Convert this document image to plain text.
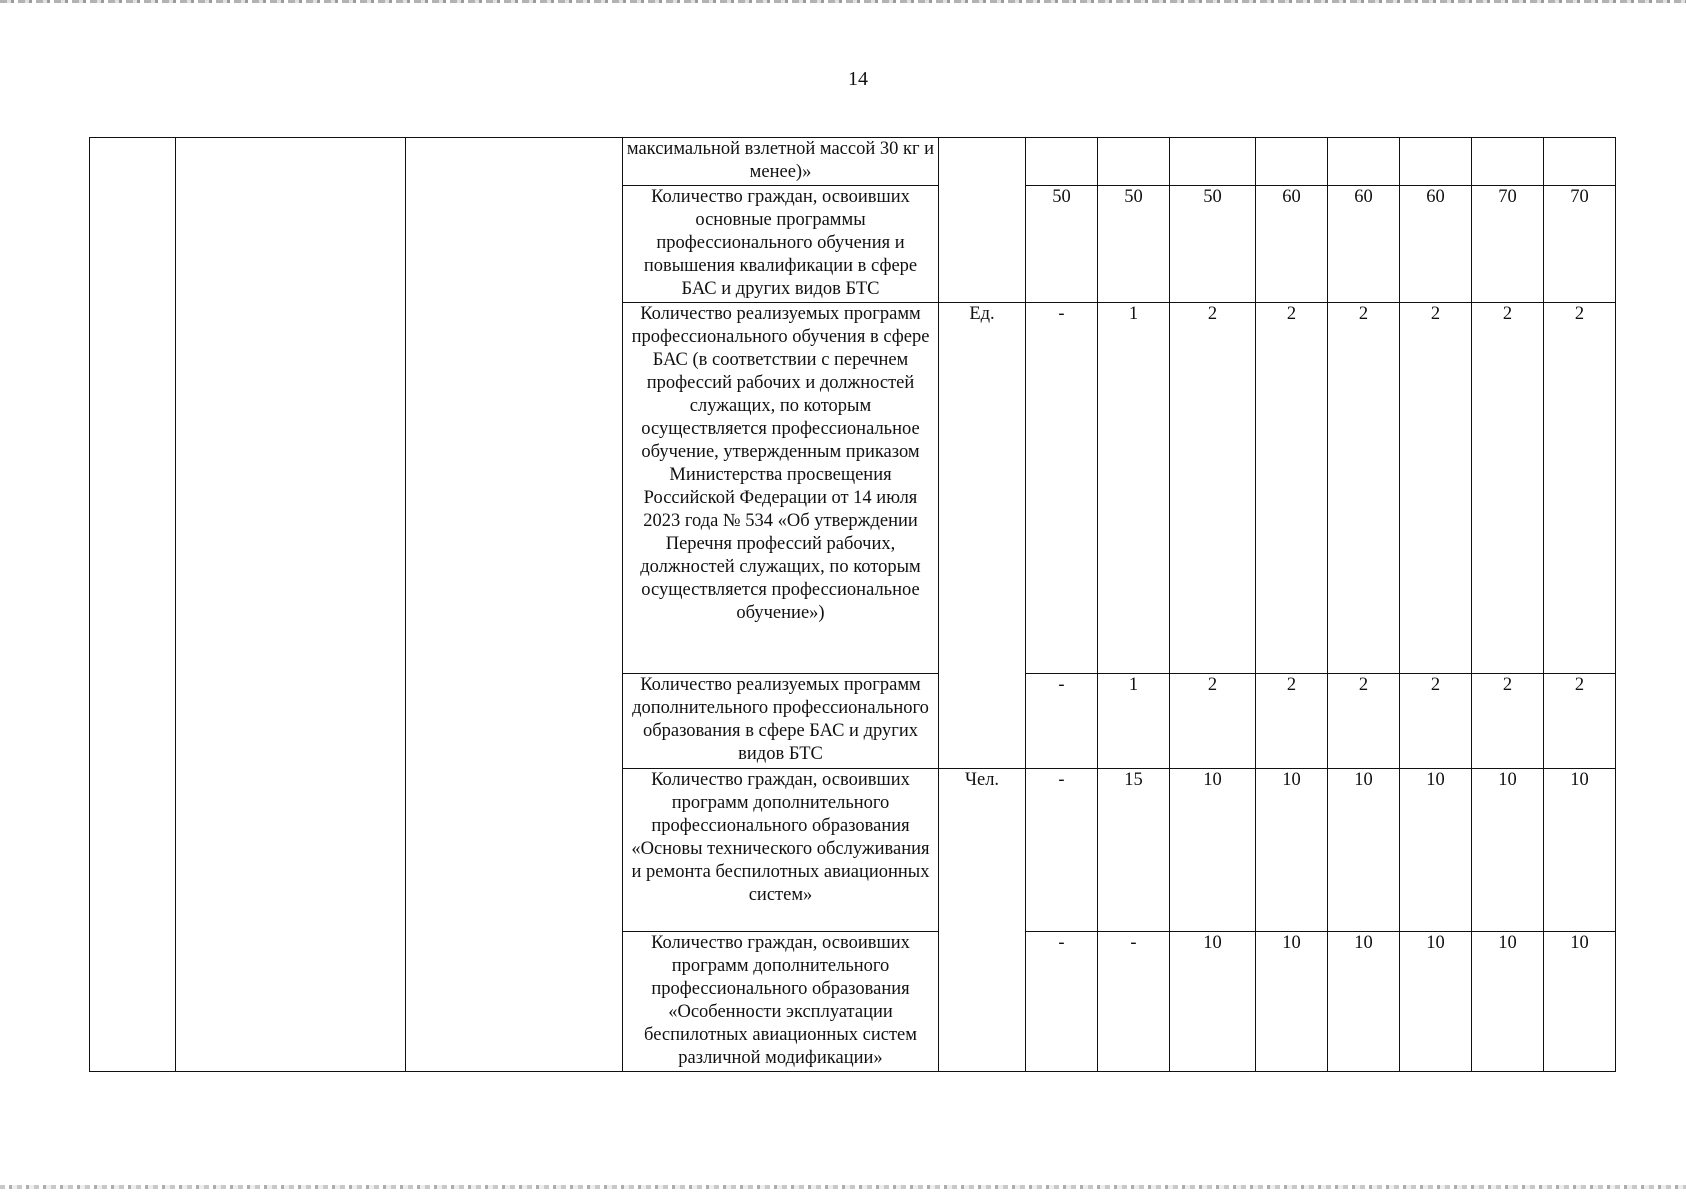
14
			максимальной взлетной массой 30 кг и менее)»									
			Количество граждан, освоивших основные программы профессионального обучения и повышения квалификации в сфере БАС и других видов БТС		50	50	50	60	60	60	70	70
			Количество реализуемых программ профессионального обучения в сфере БАС (в соответствии с перечнем профессий рабочих и должностей служащих, по которым осуществляется профессиональное обучение, утвержденным приказом Министерства просвещения Российской Федерации от 14 июля 2023 года № 534 «Об утверждении Перечня профессий рабочих, должностей служащих, по которым осуществляется профессиональное обучение»)	Ед.	-	1	2	2	2	2	2	2
			Количество реализуемых программ дополнительного профессионального образования в сфере БАС и других видов БТС		-	1	2	2	2	2	2	2
			Количество граждан, освоивших программ дополнительного профессионального образования «Основы технического обслуживания и ремонта беспилотных авиационных систем»	Чел.	-	15	10	10	10	10	10	10
			Количество граждан, освоивших программ дополнительного профессионального образования «Особенности эксплуатации беспилотных авиационных систем различной модификации»		-	-	10	10	10	10	10	10
